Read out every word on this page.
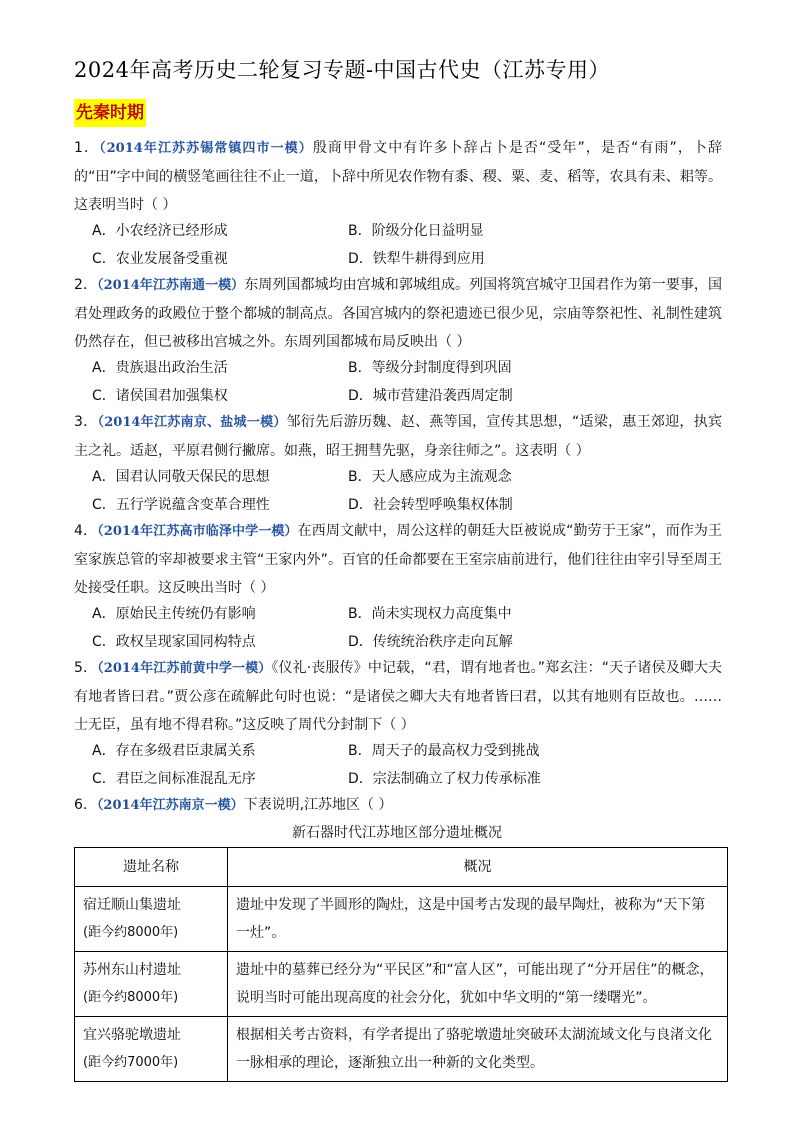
2024年高考历史二轮复习专题-中国古代史（江苏专用）
先秦时期
1．（2014年江苏苏锡常镇四市一模）殷商甲骨文中有许多卜辞占卜是否“受年”，是否“有雨”，卜辞的“田”字中间的横竖笔画往往不止一道，卜辞中所见农作物有黍、稷、粟、麦、稻等，农具有耒、耜等。这表明当时（ ）
A．小农经济已经形成	B．阶级分化日益明显
C．农业发展备受重视	D．铁犁牛耕得到应用
2．（2014年江苏南通一模）东周列国都城均由宫城和郭城组成。列国将筑宫城守卫国君作为第一要事，国君处理政务的政殿位于整个都城的制高点。各国宫城内的祭祀遗迹已很少见，宗庙等祭祀性、礼制性建筑仍然存在，但已被移出宫城之外。东周列国都城布局反映出（ ）
A．贵族退出政治生活	B．等级分封制度得到巩固
C．诸侯国君加强集权	D．城市营建沿袭西周定制
3．（2014年江苏南京、盐城一模）邹衍先后游历魏、赵、燕等国，宣传其思想，“适梁，惠王郊迎，执宾主之礼。适赵，平原君侧行撇席。如燕，昭王拥彗先驱，身亲往师之”。这表明（ ）
A．国君认同敬天保民的思想	B．天人感应成为主流观念
C．五行学说蕴含变革合理性	D．社会转型呼唤集权体制
4．（2014年江苏高市临泽中学一模）在西周文献中，周公这样的朝廷大臣被说成“勤劳于王家”，而作为王室家族总管的宰却被要求主管“王家内外”。百官的任命都要在王室宗庙前进行，他们往往由宰引导至周王处接受任职。这反映出当时（ ）
A．原始民主传统仍有影响	B．尚未实现权力高度集中
C．政权呈现家国同构特点	D．传统统治秩序走向瓦解
5．（2014年江苏前黄中学一模）《仪礼·丧服传》中记载，“君，谓有地者也。”郑玄注：“天子诸侯及卿大夫有地者皆曰君。”贾公彦在疏解此句时也说：“是诸侯之卿大夫有地者皆曰君，以其有地则有臣故也。……士无臣，虽有地不得君称。”这反映了周代分封制下（ ）
A．存在多级君臣隶属关系	B．周天子的最高权力受到挑战
C．君臣之间标准混乱无序	D．宗法制确立了权力传承标准
6．（2014年江苏南京一模）下表说明,江苏地区（ ）
新石器时代江苏地区部分遗址概况
遗址名称	概况

宿迁顺山集遗址
(距今约8000年)	遗址中发现了半圆形的陶灶，这是中国考古发现的最早陶灶，被称为“天下第一灶”。

苏州东山村遗址
(距今约8000年)	遗址中的墓葬已经分为“平民区”和“富人区”，可能出现了“分开居住”的概念，说明当时可能出现高度的社会分化，犹如中华文明的“第一缕曙光”。

宜兴骆驼墩遗址
(距今约7000年)	根据相关考古资料，有学者提出了骆驼墩遗址突破环太湖流域文化与良渚文化一脉相承的理论，逐渐独立出一种新的文化类型。
